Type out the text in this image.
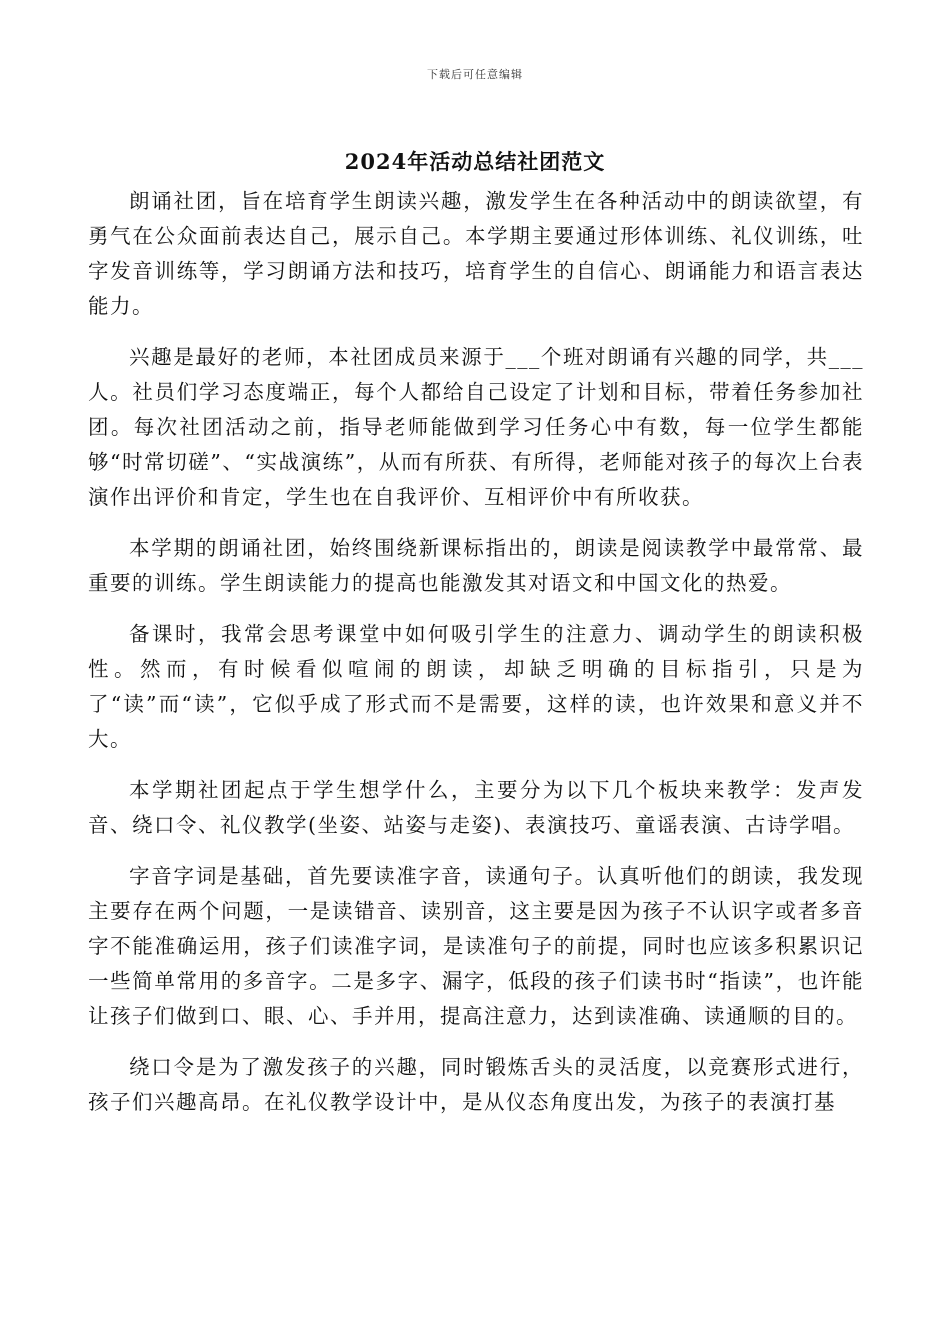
下载后可任意编辑
2024年活动总结社团范文

朗诵社团，旨在培育学生朗读兴趣，激发学生在各种活动中的朗读欲望，有勇气在公众面前表达自己，展示自己。本学期主要通过形体训练、礼仪训练，吐字发音训练等，学习朗诵方法和技巧，培育学生的自信心、朗诵能力和语言表达能力。

兴趣是最好的老师，本社团成员来源于___个班对朗诵有兴趣的同学，共___人。社员们学习态度端正，每个人都给自己设定了计划和目标，带着任务参加社团。每次社团活动之前，指导老师能做到学习任务心中有数，每一位学生都能够“时常切磋”、“实战演练”，从而有所获、有所得，老师能对孩子的每次上台表演作出评价和肯定，学生也在自我评价、互相评价中有所收获。

本学期的朗诵社团，始终围绕新课标指出的，朗读是阅读教学中最常常、最重要的训练。学生朗读能力的提高也能激发其对语文和中国文化的热爱。

备课时，我常会思考课堂中如何吸引学生的注意力、调动学生的朗读积极性。然而，有时候看似喧闹的朗读，却缺乏明确的目标指引，只是为了“读”而“读”，它似乎成了形式而不是需要，这样的读，也许效果和意义并不大。

本学期社团起点于学生想学什么，主要分为以下几个板块来教学：发声发音、绕口令、礼仪教学(坐姿、站姿与走姿)、表演技巧、童谣表演、古诗学唱。

字音字词是基础，首先要读准字音，读通句子。认真听他们的朗读，我发现主要存在两个问题，一是读错音、读别音，这主要是因为孩子不认识字或者多音字不能准确运用，孩子们读准字词，是读准句子的前提，同时也应该多积累识记一些简单常用的多音字。二是多字、漏字，低段的孩子们读书时“指读”，也许能让孩子们做到口、眼、心、手并用，提高注意力，达到读准确、读通顺的目的。

绕口令是为了激发孩子的兴趣，同时锻炼舌头的灵活度，以竞赛形式进行，孩子们兴趣高昂。在礼仪教学设计中，是从仪态角度出发，为孩子的表演打基
